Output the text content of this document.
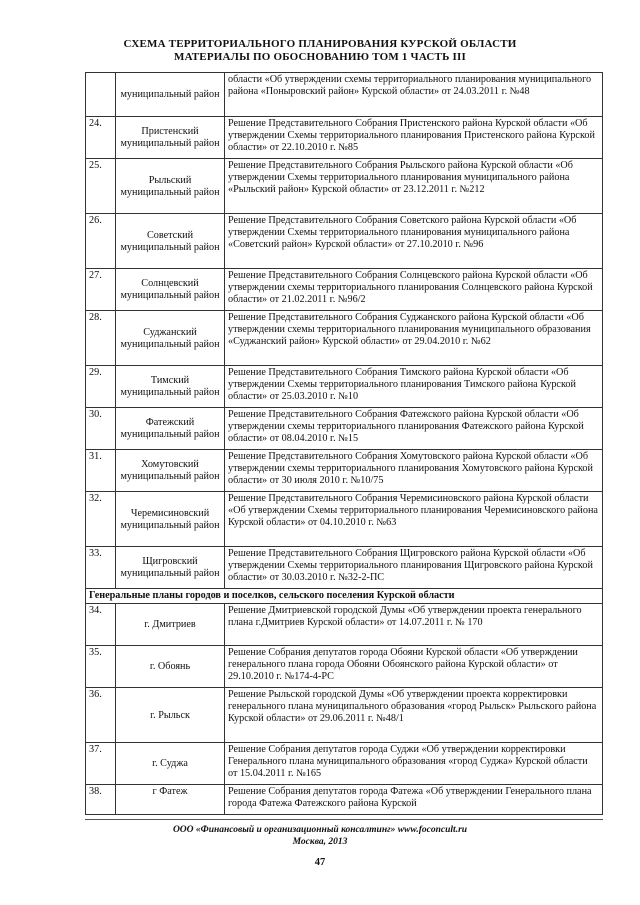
СХЕМА ТЕРРИТОРИАЛЬНОГО ПЛАНИРОВАНИЯ КУРСКОЙ ОБЛАСТИ
МАТЕРИАЛЫ ПО ОБОСНОВАНИЮ ТОМ 1 ЧАСТЬ III
	муниципальный район	области «Об утверждении схемы территориального планирования муниципального района «Поныровский район» Курской области» от 24.03.2011 г. №48
24.	Пристенский муниципальный район	Решение Представительного Собрания Пристенского района Курской области «Об утверждении Схемы территориального планирования Пристенского района Курской области» от 22.10.2010 г. №85
25.	Рыльский муниципальный район	Решение Представительного Собрания Рыльского района Курской области «Об утверждении Схемы территориального планирования муниципального района «Рыльский район» Курской области» от 23.12.2011 г. №212
26.	Советский муниципальный район	Решение Представительного Собрания Советского района Курской области «Об утверждении Схемы территориального планирования муниципального района «Советский район» Курской области» от 27.10.2010 г. №96
27.	Солнцевский муниципальный район	Решение Представительного Собрания Солнцевского района Курской области «Об утверждении схемы территориального планирования Солнцевского района Курской области» от 21.02.2011 г. №96/2
28.	Суджанский муниципальный район	Решение Представительного Собрания Суджанского района Курской области «Об утверждении схемы территориального планирования муниципального образования «Суджанский район» Курской области» от 29.04.2010 г. №62
29.	Тимский муниципальный район	Решение Представительного Собрания Тимского района Курской области «Об утверждении Схемы территориального планирования Тимского района Курской области» от 25.03.2010 г. №10
30.	Фатежский муниципальный район	Решение Представительного Собрания Фатежского района Курской области «Об утверждении схемы территориального планирования Фатежского района Курской области» от 08.04.2010 г. №15
31.	Хомутовский муниципальный район	Решение Представительного Собрания Хомутовского района Курской области «Об утверждении схемы территориального планирования Хомутовского района Курской области» от 30 июля 2010 г. №10/75
32.	Черемисиновский муниципальный район	Решение Представительного Собрания Черемисиновского района Курской области «Об утверждении Схемы территориального планирования Черемисиновского района Курской области» от 04.10.2010 г. №63
33.	Щигровский муниципальный район	Решение Представительного Собрания Щигровского района Курской области «Об утверждении Схемы территориального планирования Щигровского района Курской области» от 30.03.2010 г. №32-2-ПС
Генеральные планы городов и поселков, сельского поселения Курской области		
34.	г. Дмитриев	Решение Дмитриевской городской Думы «Об утверждении проекта генерального плана г.Дмитриев Курской области» от 14.07.2011 г. № 170
35.	г. Обоянь	Решение Собрания депутатов города Обояни Курской области «Об утверждении генерального плана города Обояни Обоянского района Курской области» от 29.10.2010 г. №174-4-РС
36.	г. Рыльск	Решение Рыльской городской Думы «Об утверждении проекта корректировки генерального плана муниципального образования «город Рыльск» Рыльского района Курской области» от 29.06.2011 г. №48/1
37.	г. Суджа	Решение Собрания депутатов города Суджи «Об утверждении корректировки Генерального плана муниципального образования «город Суджа» Курской области от 15.04.2011 г. №165
38.	г Фатеж	Решение Собрания депутатов города Фатежа «Об утверждении Генерального плана города Фатежа Фатежского района Курской
ООО «Финансовый и организационный консалтинг» www.foconcult.ru
Москва, 2013
47
